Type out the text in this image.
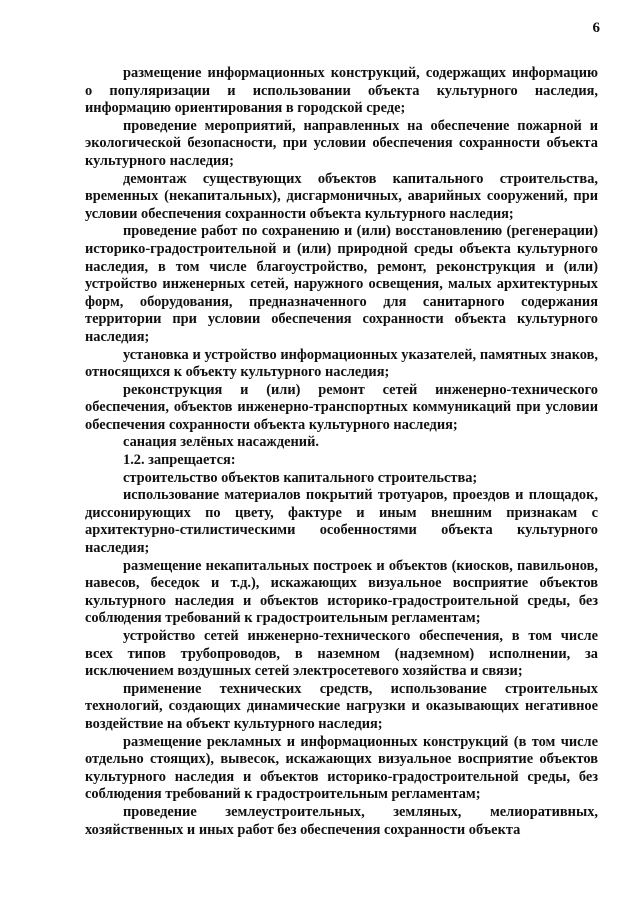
6

размещение информационных конструкций, содержащих информацию о популяризации и использовании объекта культурного наследия, информацию ориентирования в городской среде;

проведение мероприятий, направленных на обеспечение пожарной и экологической безопасности, при условии обеспечения сохранности объекта культурного наследия;

демонтаж существующих объектов капитального строительства, временных (некапитальных), дисгармоничных, аварийных сооружений, при условии обеспечения сохранности объекта культурного наследия;

проведение работ по сохранению и (или) восстановлению (регенерации) историко-градостроительной и (или) природной среды объекта культурного наследия, в том числе благоустройство, ремонт, реконструкция и (или) устройство инженерных сетей, наружного освещения, малых архитектурных форм, оборудования, предназначенного для санитарного содержания территории при условии обеспечения сохранности объекта культурного наследия;

установка и устройство информационных указателей, памятных знаков, относящихся к объекту культурного наследия;

реконструкция и (или) ремонт сетей инженерно-технического обеспечения, объектов инженерно-транспортных коммуникаций при условии обеспечения сохранности объекта культурного наследия;

санация зелёных насаждений.

1.2. запрещается:

строительство объектов капитального строительства;

использование материалов покрытий тротуаров, проездов и площадок, диссонирующих по цвету, фактуре и иным внешним признакам с архитектурно-стилистическими особенностями объекта культурного наследия;

размещение некапитальных построек и объектов (киосков, павильонов, навесов, беседок и т.д.), искажающих визуальное восприятие объектов культурного наследия и объектов историко-градостроительной среды, без соблюдения требований к градостроительным регламентам;

устройство сетей инженерно-технического обеспечения, в том числе всех типов трубопроводов, в наземном (надземном) исполнении, за исключением воздушных сетей электросетевого хозяйства и связи;

применение технических средств, использование строительных технологий, создающих динамические нагрузки и оказывающих негативное воздействие на объект культурного наследия;

размещение рекламных и информационных конструкций (в том числе отдельно стоящих), вывесок, искажающих визуальное восприятие объектов культурного наследия и объектов историко-градостроительной среды, без соблюдения требований к градостроительным регламентам;

проведение землеустроительных, земляных, мелиоративных, хозяйственных и иных работ без обеспечения сохранности объекта
